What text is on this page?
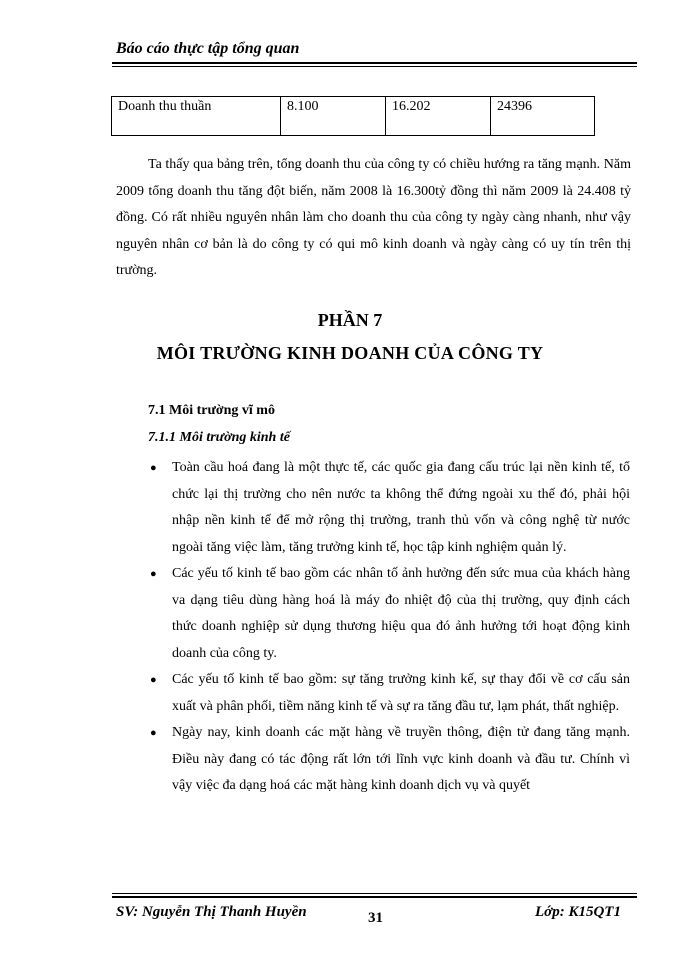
Báo cáo thực tập tổng quan
Doanh thu thuần	8.100	16.202	24396

Ta thấy qua bảng trên, tổng doanh thu của công ty có chiều hướng ra tăng mạnh. Năm 2009 tổng doanh thu tăng đột biến, năm 2008 là 16.300tỷ đồng thì năm 2009 là 24.408 tỷ đồng. Có rất nhiều nguyên nhân làm cho doanh thu của công ty ngày càng nhanh, như vậy nguyên nhân cơ bản là do công ty có qui mô kinh doanh và ngày càng có uy tín trên thị trường.

PHẦN 7
MÔI TRƯỜNG KINH DOANH CỦA CÔNG TY
7.1 Môi trường vĩ mô
7.1.1 Môi trường kinh tế
● Toàn cầu hoá đang là một thực tế, các quốc gia đang cấu trúc lại nền kinh tế, tổ chức lại thị trường cho nên nước ta không thể đứng ngoài xu thế đó, phải hội nhập nền kinh tế để mở rộng thị trường, tranh thủ vốn và công nghệ từ nước ngoài tăng việc làm, tăng trưởng kinh tế, học tập kinh nghiệm quản lý.
● Các yếu tố kinh tế bao gồm các nhân tố ảnh hưởng đến sức mua của khách hàng va dạng tiêu dùng hàng hoá là máy đo nhiệt độ của thị trường, quy định cách thức doanh nghiệp sử dụng thương hiệu qua đó ảnh hưởng tới hoạt động kinh doanh của công ty.
● Các yếu tố kinh tế bao gồm: sự tăng trưởng kinh kế, sự thay đổi về cơ cấu sản xuất và phân phối, tiềm năng kinh tế và sự ra tăng đầu tư, lạm phát, thất nghiệp.
● Ngày nay, kinh doanh các mặt hàng về truyền thông, điện tử đang tăng mạnh. Điều này đang có tác động rất lớn tới lĩnh vực kinh doanh và đầu tư. Chính vì vậy việc đa dạng hoá các mặt hàng kinh doanh dịch vụ và quyết
SV: Nguyễn Thị Thanh Huyền	31	Lớp: K15QT1
